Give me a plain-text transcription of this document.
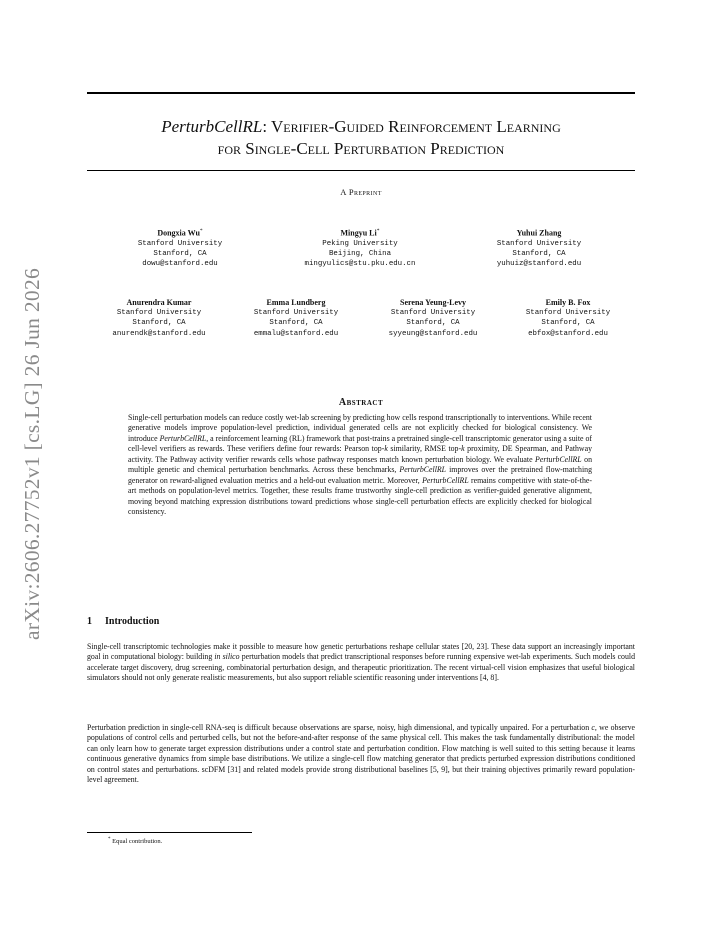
arXiv:2606.27752v1 [cs.LG] 26 Jun 2026
PerturbCellRL: Verifier-Guided Reinforcement Learning
for Single-Cell Perturbation Prediction
A Preprint
Dongxia Wu*
Stanford University
Stanford, CA
dowu@stanford.edu
Mingyu Li*
Peking University
Beijing, China
mingyulics@stu.pku.edu.cn
Yuhui Zhang
Stanford University
Stanford, CA
yuhuiz@stanford.edu
Anurendra Kumar
Stanford University
Stanford, CA
anurendk@stanford.edu
Emma Lundberg
Stanford University
Stanford, CA
emmalu@stanford.edu
Serena Yeung-Levy
Stanford University
Stanford, CA
syyeung@stanford.edu
Emily B. Fox
Stanford University
Stanford, CA
ebfox@stanford.edu
Abstract
Single-cell perturbation models can reduce costly wet-lab screening by predicting how cells respond transcriptionally to interventions. While recent generative models improve population-level prediction, individual generated cells are not explicitly checked for biological consistency. We introduce PerturbCellRL, a reinforcement learning (RL) framework that post-trains a pretrained single-cell transcriptomic generator using a suite of cell-level verifiers as rewards. These verifiers define four rewards: Pearson top-k similarity, RMSE top-k proximity, DE Spearman, and Pathway activity. The Pathway activity verifier rewards cells whose pathway responses match known perturbation biology. We evaluate PerturbCellRL on multiple genetic and chemical perturbation benchmarks. Across these benchmarks, PerturbCellRL improves over the pretrained flow-matching generator on reward-aligned evaluation metrics and a held-out evaluation metric. Moreover, PerturbCellRL remains competitive with state-of-the-art methods on population-level metrics. Together, these results frame trustworthy single-cell prediction as verifier-guided generative alignment, moving beyond matching expression distributions toward predictions whose single-cell perturbation effects are explicitly checked for biological consistency.
1 Introduction
Single-cell transcriptomic technologies make it possible to measure how genetic perturbations reshape cellular states [20, 23]. These data support an increasingly important goal in computational biology: building in silico perturbation models that predict transcriptional responses before running expensive wet-lab experiments. Such models could accelerate target discovery, drug screening, combinatorial perturbation design, and therapeutic prioritization. The recent virtual-cell vision emphasizes that useful biological simulators should not only generate realistic measurements, but also support reliable scientific reasoning under interventions [4, 8].
Perturbation prediction in single-cell RNA-seq is difficult because observations are sparse, noisy, high dimensional, and typically unpaired. For a perturbation c, we observe populations of control cells and perturbed cells, but not the before-and-after response of the same physical cell. This makes the task fundamentally distributional: the model can only learn how to generate target expression distributions under a control state and perturbation condition. Flow matching is well suited to this setting because it learns continuous generative dynamics from simple base distributions. We utilize a single-cell flow matching generator that predicts perturbed expression distributions conditioned on control states and perturbations. scDFM [31] and related models provide strong distributional baselines [5, 9], but their training objectives primarily reward population-level agreement.
* Equal contribution.
